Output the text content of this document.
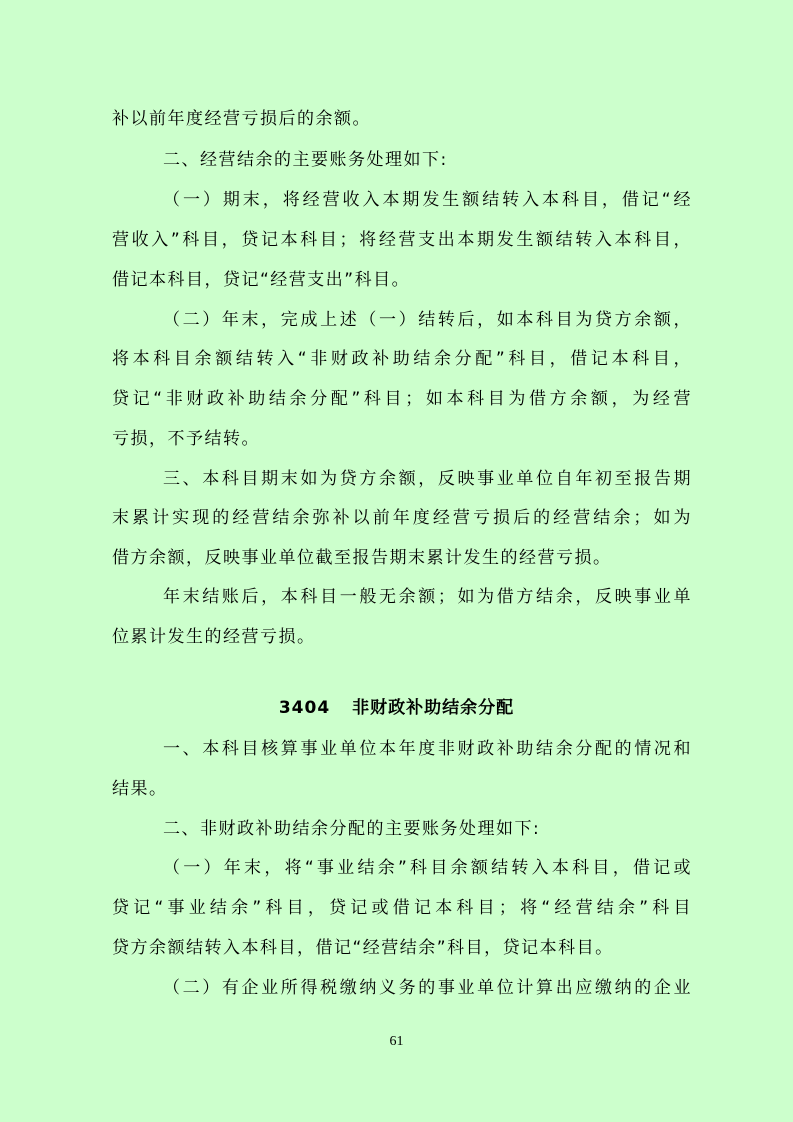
补以前年度经营亏损后的余额。
二、经营结余的主要账务处理如下:
（一）期末，将经营收入本期发生额结转入本科目，借记“经
营收入”科目，贷记本科目；将经营支出本期发生额结转入本科目，
借记本科目，贷记“经营支出”科目。
（二）年末，完成上述（一）结转后，如本科目为贷方余额，
将本科目余额结转入“非财政补助结余分配”科目，借记本科目，
贷记“非财政补助结余分配”科目；如本科目为借方余额，为经营
亏损，不予结转。
三、本科目期末如为贷方余额，反映事业单位自年初至报告期
末累计实现的经营结余弥补以前年度经营亏损后的经营结余；如为
借方余额，反映事业单位截至报告期末累计发生的经营亏损。
年末结账后，本科目一般无余额；如为借方结余，反映事业单
位累计发生的经营亏损。
3404 非财政补助结余分配
一、本科目核算事业单位本年度非财政补助结余分配的情况和
结果。
二、非财政补助结余分配的主要账务处理如下:
（一）年末，将“事业结余”科目余额结转入本科目，借记或
贷记“事业结余”科目，贷记或借记本科目；将“经营结余”科目
贷方余额结转入本科目，借记“经营结余”科目，贷记本科目。
（二）有企业所得税缴纳义务的事业单位计算出应缴纳的企业
61
